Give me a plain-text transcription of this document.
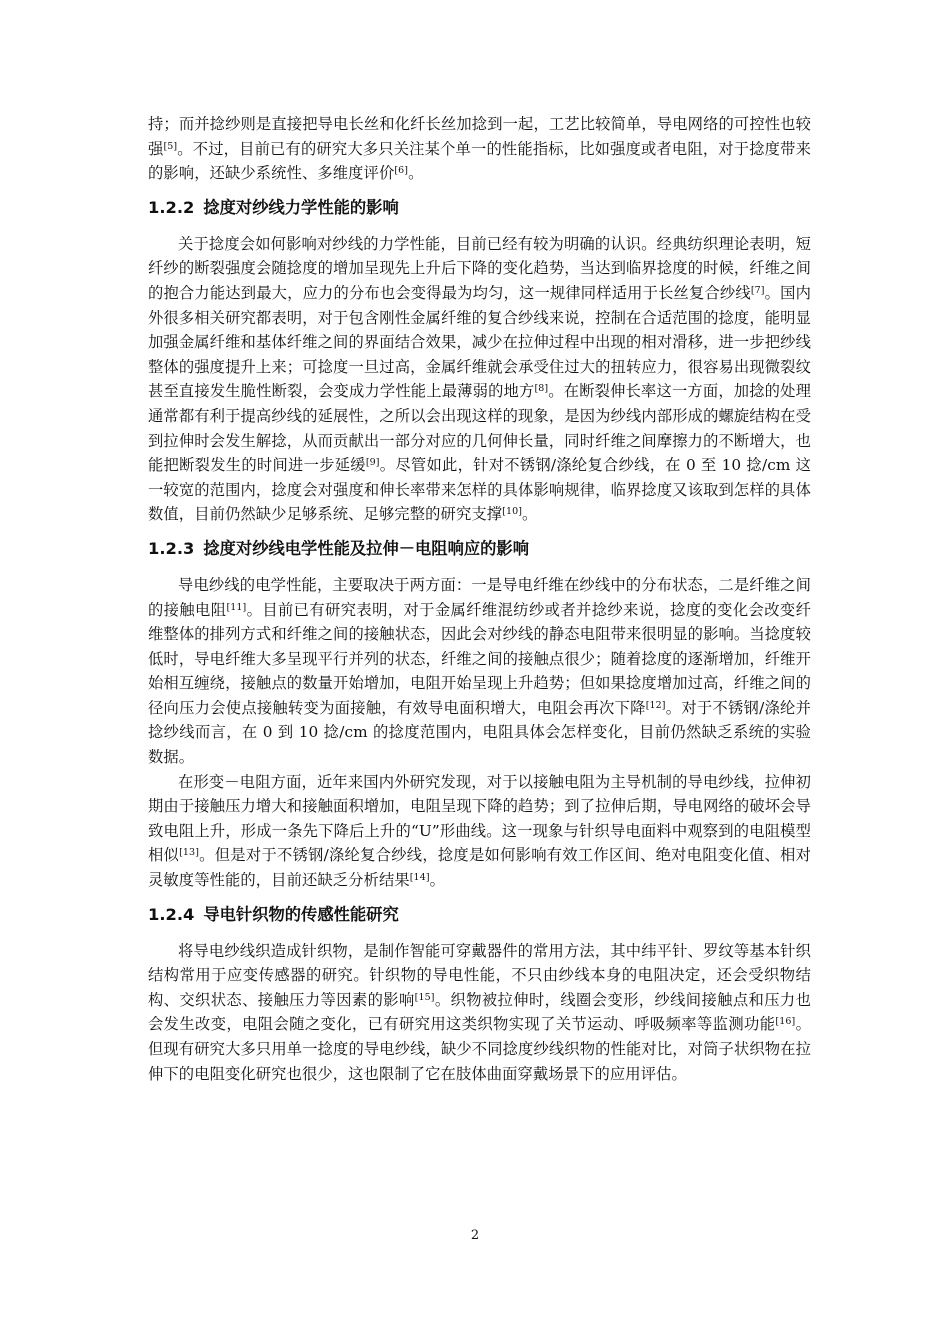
持；而并捻纱则是直接把导电长丝和化纤长丝加捻到一起，工艺比较简单，导电网络的可控性也较强[5]。不过，目前已有的研究大多只关注某个单一的性能指标，比如强度或者电阻，对于捻度带来的影响，还缺少系统性、多维度评价[6]。

1.2.2 捻度对纱线力学性能的影响

关于捻度会如何影响对纱线的力学性能，目前已经有较为明确的认识。经典纺织理论表明，短纤纱的断裂强度会随捻度的增加呈现先上升后下降的变化趋势，当达到临界捻度的时候，纤维之间的抱合力能达到最大，应力的分布也会变得最为均匀，这一规律同样适用于长丝复合纱线[7]。国内外很多相关研究都表明，对于包含刚性金属纤维的复合纱线来说，控制在合适范围的捻度，能明显加强金属纤维和基体纤维之间的界面结合效果，减少在拉伸过程中出现的相对滑移，进一步把纱线整体的强度提升上来；可捻度一旦过高，金属纤维就会承受住过大的扭转应力，很容易出现微裂纹甚至直接发生脆性断裂，会变成力学性能上最薄弱的地方[8]。在断裂伸长率这一方面，加捻的处理通常都有利于提高纱线的延展性，之所以会出现这样的现象，是因为纱线内部形成的螺旋结构在受到拉伸时会发生解捻，从而贡献出一部分对应的几何伸长量，同时纤维之间摩擦力的不断增大，也能把断裂发生的时间进一步延缓[9]。尽管如此，针对不锈钢/涤纶复合纱线，在 0 至 10 捻/cm 这一较宽的范围内，捻度会对强度和伸长率带来怎样的具体影响规律，临界捻度又该取到怎样的具体数值，目前仍然缺少足够系统、足够完整的研究支撑[10]。

1.2.3 捻度对纱线电学性能及拉伸－电阻响应的影响

导电纱线的电学性能，主要取决于两方面：一是导电纤维在纱线中的分布状态，二是纤维之间的接触电阻[11]。目前已有研究表明，对于金属纤维混纺纱或者并捻纱来说，捻度的变化会改变纤维整体的排列方式和纤维之间的接触状态，因此会对纱线的静态电阻带来很明显的影响。当捻度较低时，导电纤维大多呈现平行并列的状态，纤维之间的接触点很少；随着捻度的逐渐增加，纤维开始相互缠绕，接触点的数量开始增加，电阻开始呈现上升趋势；但如果捻度增加过高，纤维之间的径向压力会使点接触转变为面接触，有效导电面积增大，电阻会再次下降[12]。对于不锈钢/涤纶并捻纱线而言，在 0 到 10 捻/cm 的捻度范围内，电阻具体会怎样变化，目前仍然缺乏系统的实验数据。

在形变－电阻方面，近年来国内外研究发现，对于以接触电阻为主导机制的导电纱线，拉伸初期由于接触压力增大和接触面积增加，电阻呈现下降的趋势；到了拉伸后期，导电网络的破坏会导致电阻上升，形成一条先下降后上升的“U”形曲线。这一现象与针织导电面料中观察到的电阻模型相似[13]。但是对于不锈钢/涤纶复合纱线，捻度是如何影响有效工作区间、绝对电阻变化值、相对灵敏度等性能的，目前还缺乏分析结果[14]。

1.2.4 导电针织物的传感性能研究

将导电纱线织造成针织物，是制作智能可穿戴器件的常用方法，其中纬平针、罗纹等基本针织结构常用于应变传感器的研究。针织物的导电性能，不只由纱线本身的电阻决定，还会受织物结构、交织状态、接触压力等因素的影响[15]。织物被拉伸时，线圈会变形，纱线间接触点和压力也会发生改变，电阻会随之变化，已有研究用这类织物实现了关节运动、呼吸频率等监测功能[16]。但现有研究大多只用单一捻度的导电纱线，缺少不同捻度纱线织物的性能对比，对筒子状织物在拉伸下的电阻变化研究也很少，这也限制了它在肢体曲面穿戴场景下的应用评估。

2
